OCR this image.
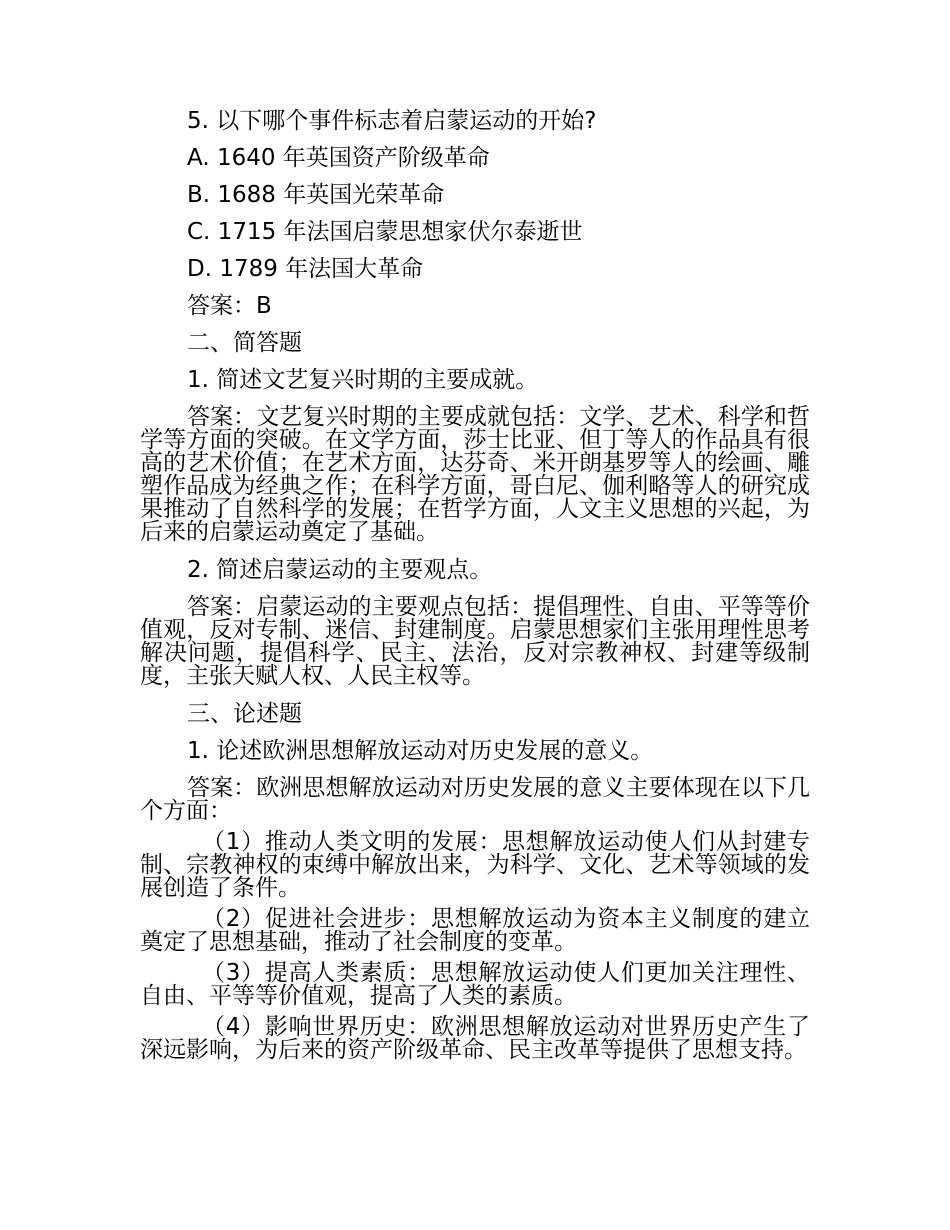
5. 以下哪个事件标志着启蒙运动的开始?
A. 1640 年英国资产阶级革命
B. 1688 年英国光荣革命
C. 1715 年法国启蒙思想家伏尔泰逝世
D. 1789 年法国大革命
答案：B
二、简答题
1. 简述文艺复兴时期的主要成就。
答案：文艺复兴时期的主要成就包括：文学、艺术、科学和哲学等方面的突破。在文学方面，莎士比亚、但丁等人的作品具有很高的艺术价值；在艺术方面，达芬奇、米开朗基罗等人的绘画、雕塑作品成为经典之作；在科学方面，哥白尼、伽利略等人的研究成果推动了自然科学的发展；在哲学方面，人文主义思想的兴起，为后来的启蒙运动奠定了基础。
2. 简述启蒙运动的主要观点。
答案：启蒙运动的主要观点包括：提倡理性、自由、平等等价值观，反对专制、迷信、封建制度。启蒙思想家们主张用理性思考解决问题，提倡科学、民主、法治，反对宗教神权、封建等级制度，主张天赋人权、人民主权等。
三、论述题
1. 论述欧洲思想解放运动对历史发展的意义。
答案：欧洲思想解放运动对历史发展的意义主要体现在以下几个方面：
（1）推动人类文明的发展：思想解放运动使人们从封建专制、宗教神权的束缚中解放出来，为科学、文化、艺术等领域的发展创造了条件。
（2）促进社会进步：思想解放运动为资本主义制度的建立奠定了思想基础，推动了社会制度的变革。
（3）提高人类素质：思想解放运动使人们更加关注理性、自由、平等等价值观，提高了人类的素质。
（4）影响世界历史：欧洲思想解放运动对世界历史产生了深远影响，为后来的资产阶级革命、民主改革等提供了思想支持。
